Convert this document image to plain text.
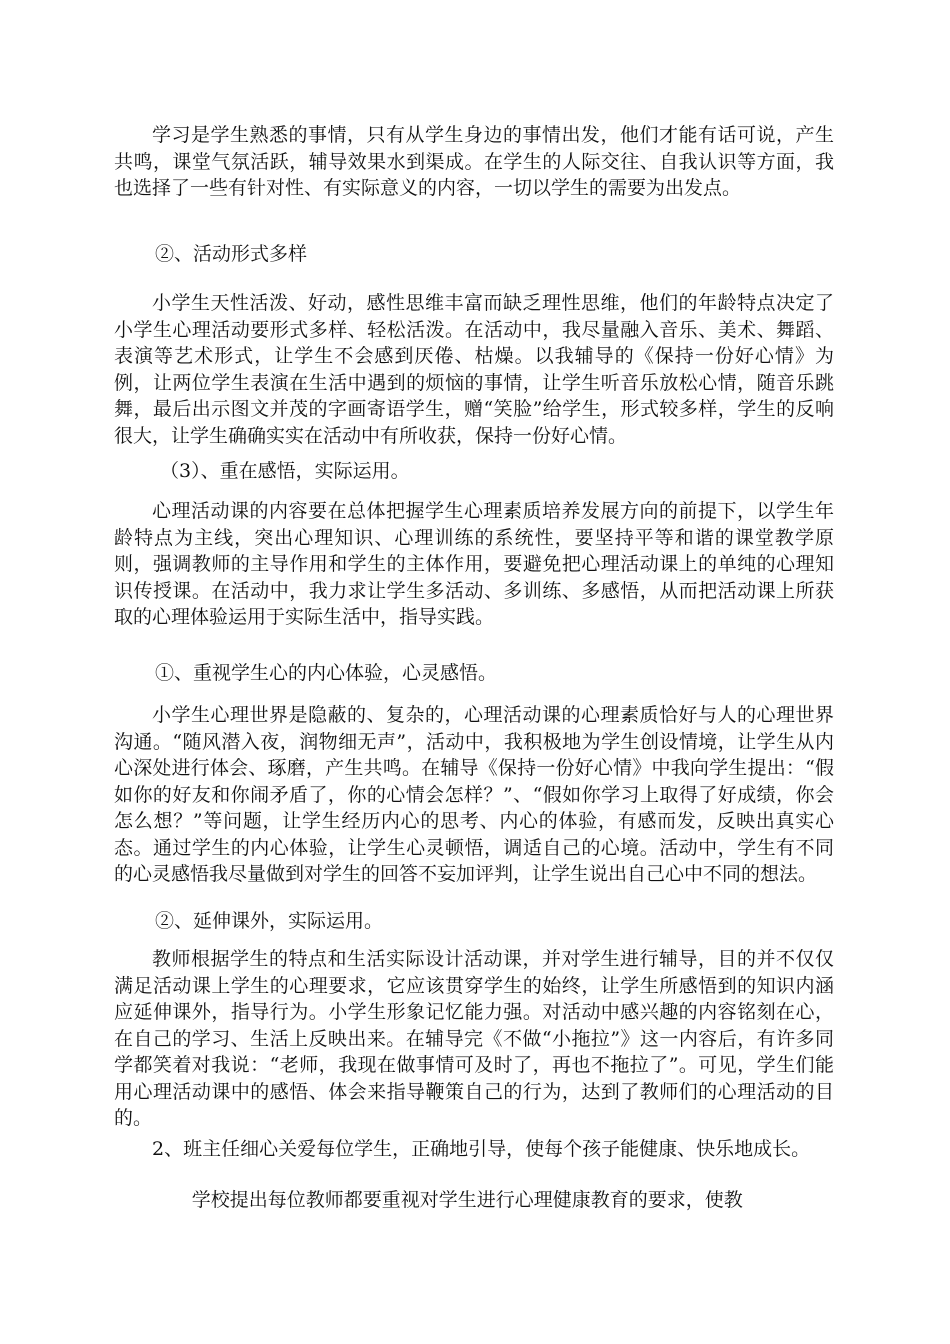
学习是学生熟悉的事情，只有从学生身边的事情出发，他们才能有话可说，产生共鸣，课堂气氛活跃，辅导效果水到渠成。在学生的人际交往、自我认识等方面，我也选择了一些有针对性、有实际意义的内容，一切以学生的需要为出发点。

②、活动形式多样

小学生天性活泼、好动，感性思维丰富而缺乏理性思维，他们的年龄特点决定了小学生心理活动要形式多样、轻松活泼。在活动中，我尽量融入音乐、美术、舞蹈、表演等艺术形式，让学生不会感到厌倦、枯燥。以我辅导的《保持一份好心情》为例，让两位学生表演在生活中遇到的烦恼的事情，让学生听音乐放松心情，随音乐跳舞，最后出示图文并茂的字画寄语学生，赠“笑脸”给学生，形式较多样，学生的反响很大，让学生确确实实在活动中有所收获，保持一份好心情。

（3）、重在感悟，实际运用。

心理活动课的内容要在总体把握学生心理素质培养发展方向的前提下，以学生年龄特点为主线，突出心理知识、心理训练的系统性，要坚持平等和谐的课堂教学原则，强调教师的主导作用和学生的主体作用，要避免把心理活动课上的单纯的心理知识传授课。在活动中，我力求让学生多活动、多训练、多感悟，从而把活动课上所获取的心理体验运用于实际生活中，指导实践。

①、重视学生心的内心体验，心灵感悟。

小学生心理世界是隐蔽的、复杂的，心理活动课的心理素质恰好与人的心理世界沟通。“随风潜入夜，润物细无声”，活动中，我积极地为学生创设情境，让学生从内心深处进行体会、琢磨，产生共鸣。在辅导《保持一份好心情》中我向学生提出：“假如你的好友和你闹矛盾了，你的心情会怎样？”、“假如你学习上取得了好成绩，你会怎么想？”等问题，让学生经历内心的思考、内心的体验，有感而发，反映出真实心态。通过学生的内心体验，让学生心灵顿悟，调适自己的心境。活动中，学生有不同的心灵感悟我尽量做到对学生的回答不妄加评判，让学生说出自己心中不同的想法。

②、延伸课外，实际运用。

教师根据学生的特点和生活实际设计活动课，并对学生进行辅导，目的并不仅仅满足活动课上学生的心理要求，它应该贯穿学生的始终，让学生所感悟到的知识内涵应延伸课外，指导行为。小学生形象记忆能力强。对活动中感兴趣的内容铭刻在心，在自己的学习、生活上反映出来。在辅导完《不做“小拖拉”》这一内容后，有许多同学都笑着对我说：“老师，我现在做事情可及时了，再也不拖拉了”。可见，学生们能用心理活动课中的感悟、体会来指导鞭策自己的行为，达到了教师们的心理活动的目的。

2、班主任细心关爱每位学生，正确地引导，使每个孩子能健康、快乐地成长。

学校提出每位教师都要重视对学生进行心理健康教育的要求，使教
